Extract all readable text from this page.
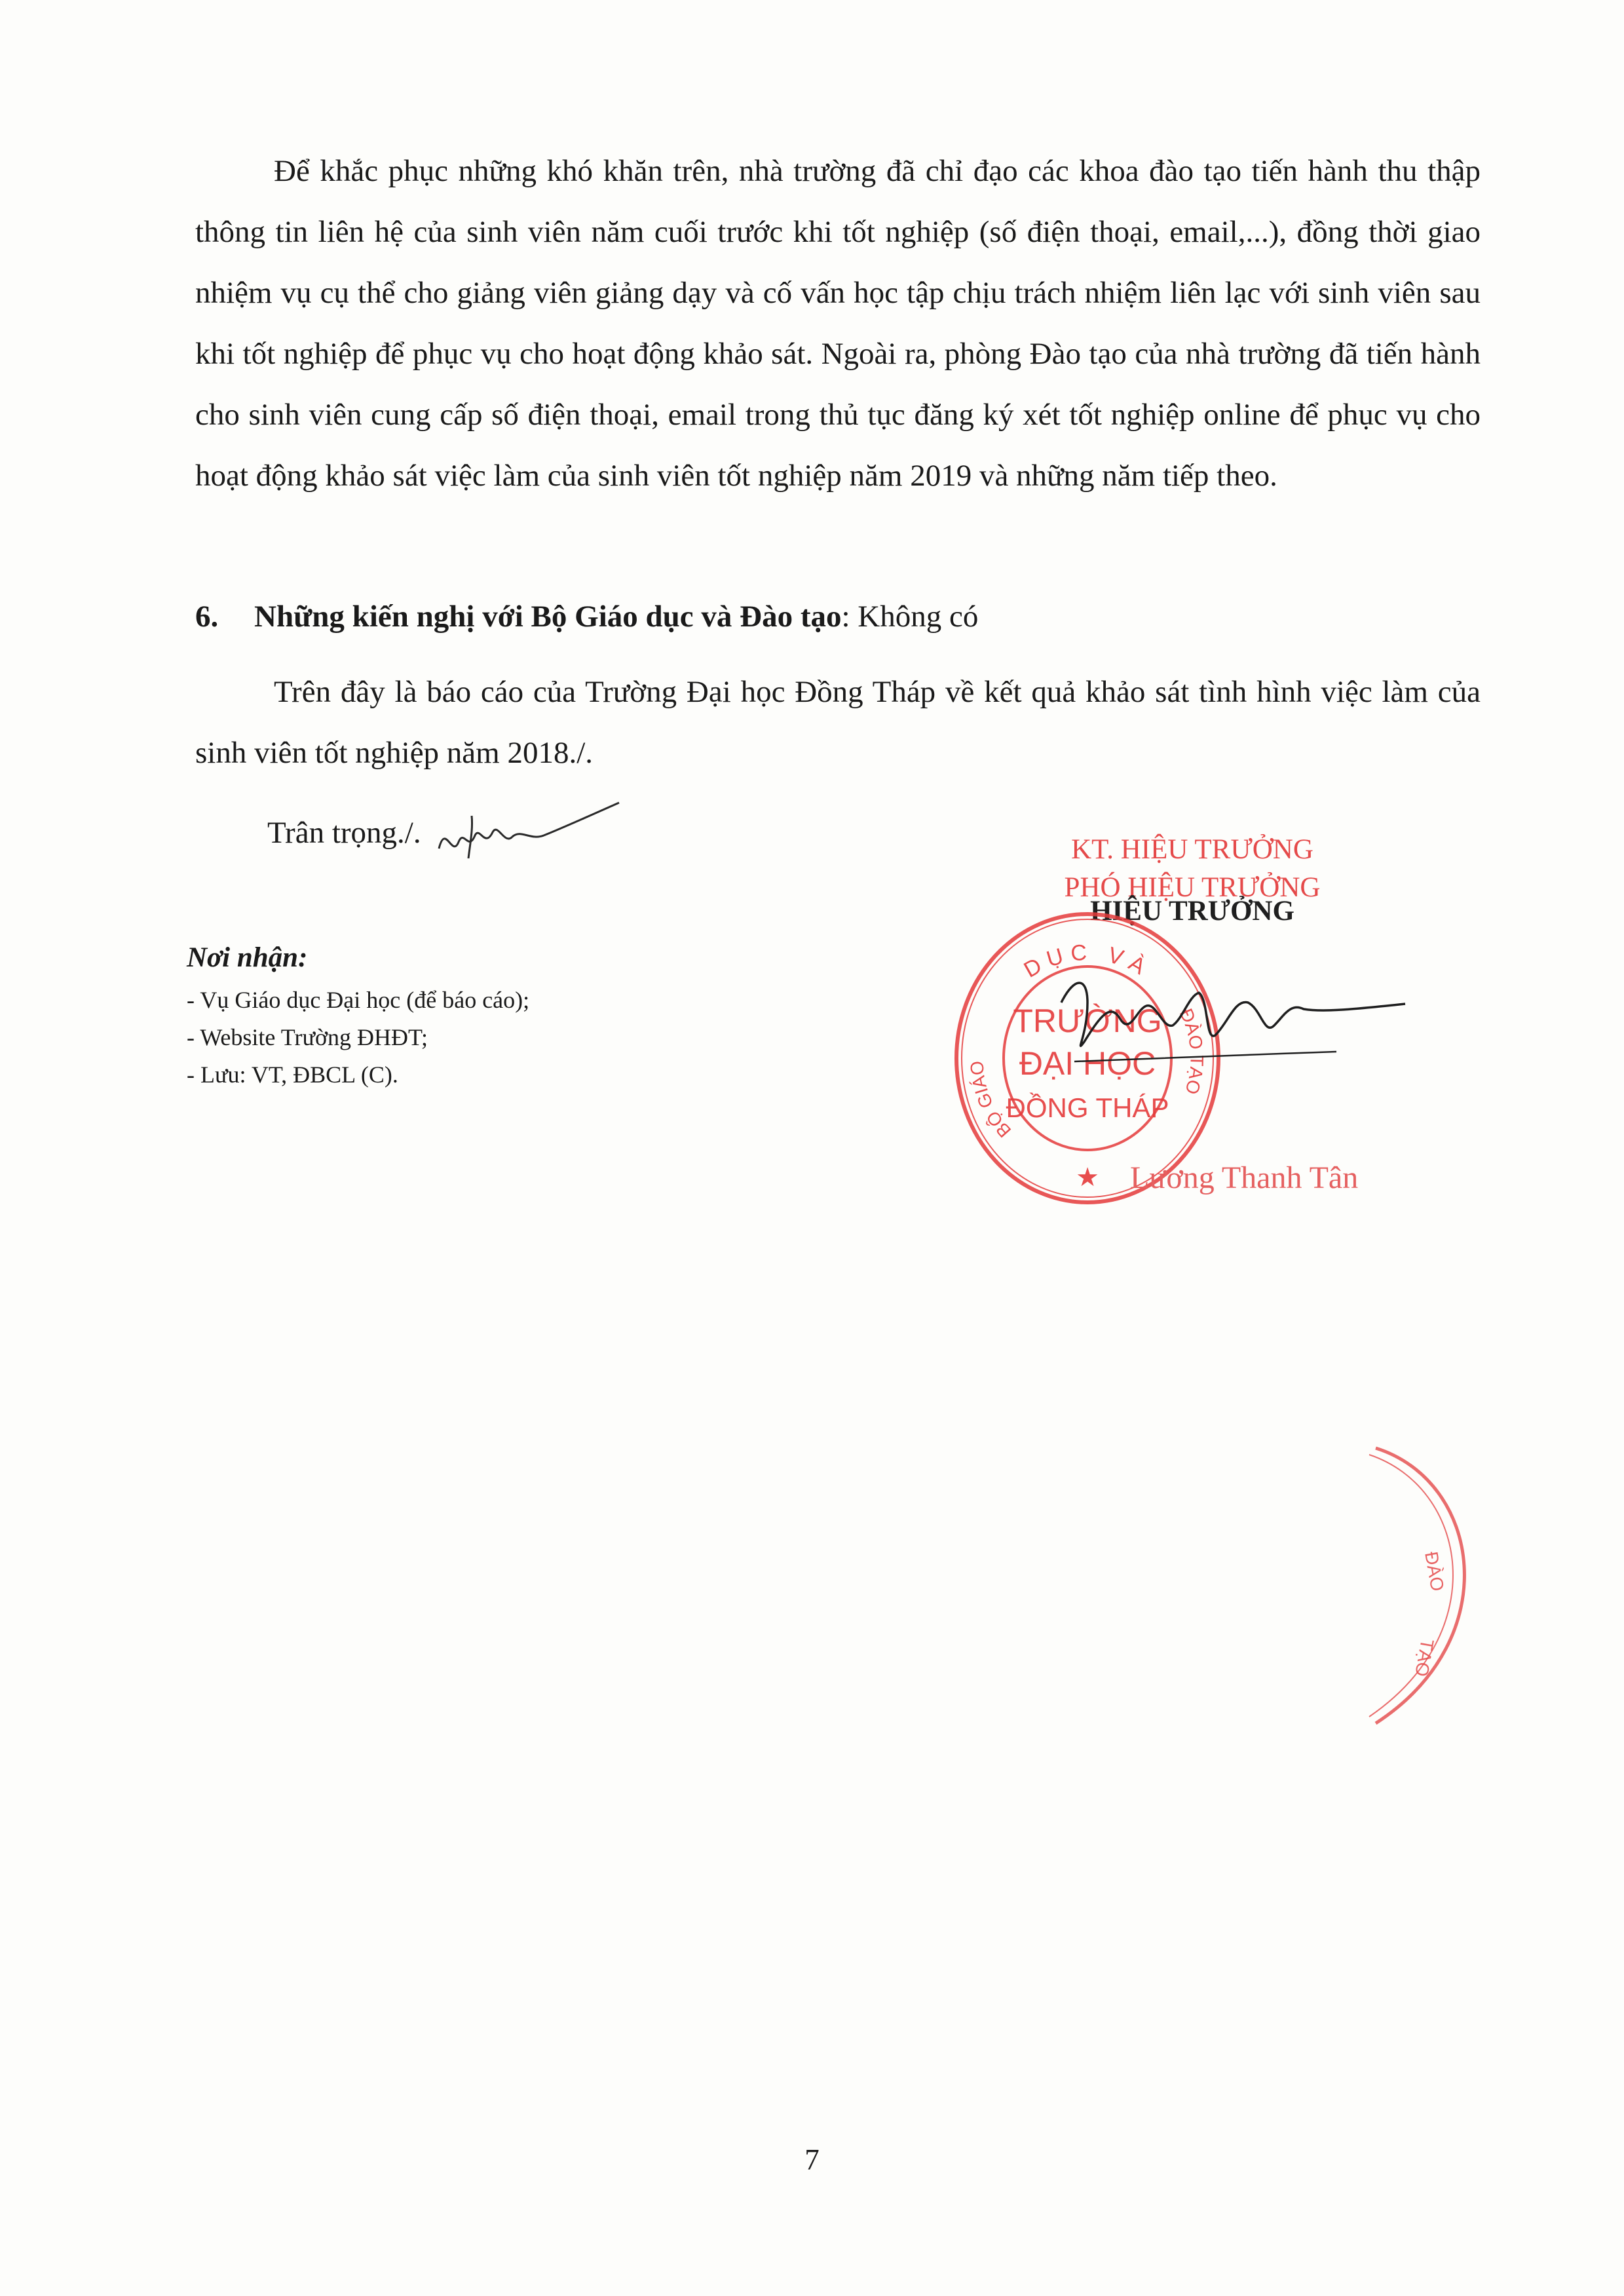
Để khắc phục những khó khăn trên, nhà trường đã chỉ đạo các khoa đào tạo tiến hành thu thập thông tin liên hệ của sinh viên năm cuối trước khi tốt nghiệp (số điện thoại, email,...), đồng thời giao nhiệm vụ cụ thể cho giảng viên giảng dạy và cố vấn học tập chịu trách nhiệm liên lạc với sinh viên sau khi tốt nghiệp để phục vụ cho hoạt động khảo sát. Ngoài ra, phòng Đào tạo của nhà trường đã tiến hành cho sinh viên cung cấp số điện thoại, email trong thủ tục đăng ký xét tốt nghiệp online để phục vụ cho hoạt động khảo sát việc làm của sinh viên tốt nghiệp năm 2019 và những năm tiếp theo.

6. Những kiến nghị với Bộ Giáo dục và Đào tạo: Không có

Trên đây là báo cáo của Trường Đại học Đồng Tháp về kết quả khảo sát tình hình việc làm của sinh viên tốt nghiệp năm 2018./.

Trân trọng./.

Nơi nhận:

- Vụ Giáo dục Đại học (để báo cáo);
- Website Trường ĐHĐT;
- Lưu: VT, ĐBCL (C).

KT. HIỆU TRƯỞNG

PHÓ HIỆU TRƯỞNG

HIỆU TRƯỞNG

DỤC VÀ
BỘ GIÁO
ĐÀO TẠO
TRƯỜNG
ĐẠI HỌC
ĐỒNG THÁP
★ Lương Thanh Tân

ĐÀO
TẠO

7
